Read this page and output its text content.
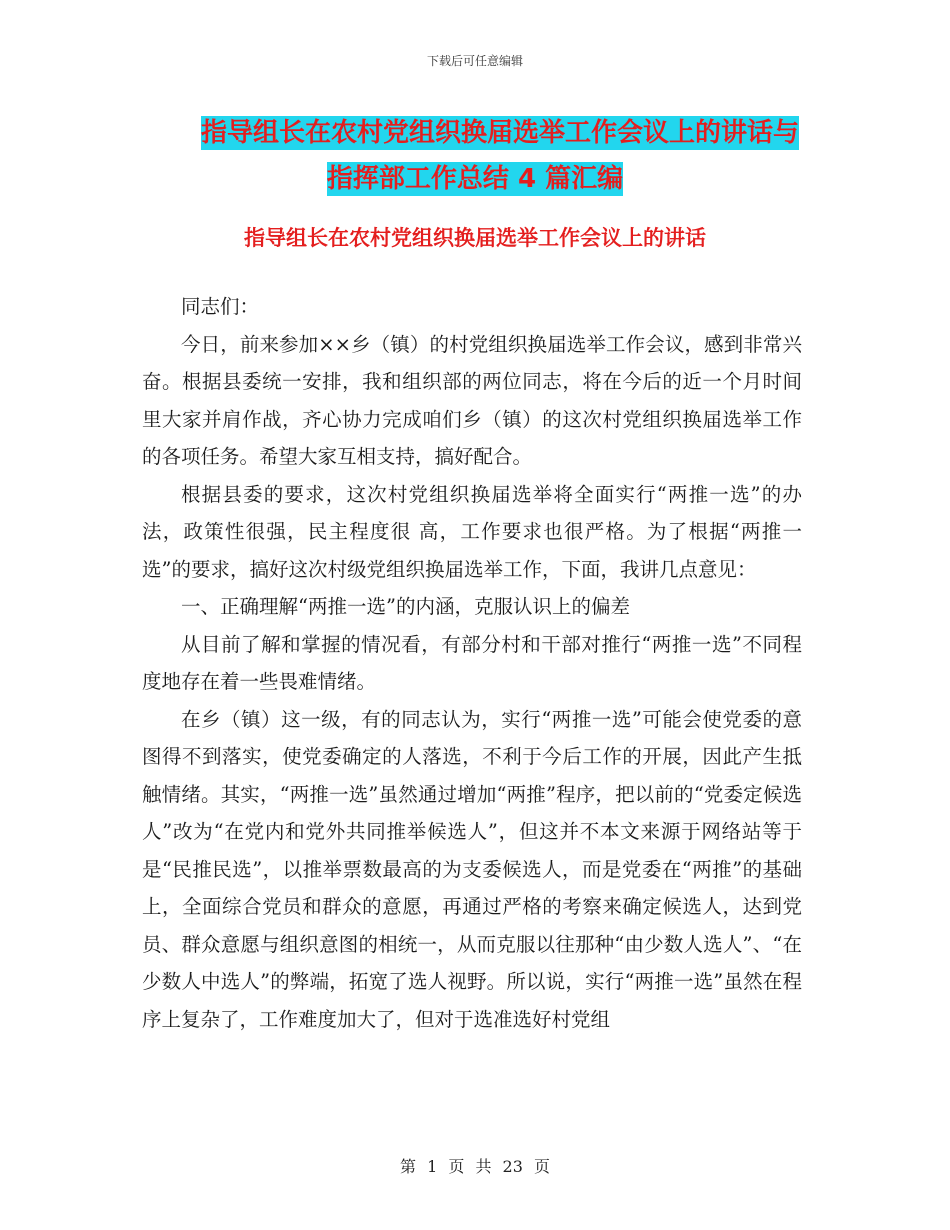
下载后可任意编辑
指导组长在农村党组织换届选举工作会议上的讲话与
指挥部工作总结 4 篇汇编
指导组长在农村党组织换届选举工作会议上的讲话

同志们：

今日，前来参加××乡（镇）的村党组织换届选举工作会议，感到非常兴奋。根据县委统一安排，我和组织部的两位同志，将在今后的近一个月时间里大家并肩作战，齐心协力完成咱们乡（镇）的这次村党组织换届选举工作的各项任务。希望大家互相支持，搞好配合。

根据县委的要求，这次村党组织换届选举将全面实行“两推一选”的办法，政策性很强，民主程度很 高，工作要求也很严格。为了根据“两推一选”的要求，搞好这次村级党组织换届选举工作，下面，我讲几点意见：

一、正确理解“两推一选”的内涵，克服认识上的偏差

从目前了解和掌握的情况看，有部分村和干部对推行“两推一选”不同程度地存在着一些畏难情绪。

在乡（镇）这一级，有的同志认为，实行“两推一选”可能会使党委的意图得不到落实，使党委确定的人落选，不利于今后工作的开展，因此产生抵触情绪。其实，“两推一选”虽然通过增加“两推”程序，把以前的“党委定候选人”改为“在党内和党外共同推举候选人”，但这并不本文来源于网络站等于是“民推民选”，以推举票数最高的为支委候选人，而是党委在“两推”的基础上，全面综合党员和群众的意愿，再通过严格的考察来确定候选人，达到党员、群众意愿与组织意图的相统一，从而克服以往那种“由少数人选人”、“在少数人中选人”的弊端，拓宽了选人视野。所以说，实行“两推一选”虽然在程序上复杂了，工作难度加大了，但对于选准选好村党组

第 1 页 共 23 页
